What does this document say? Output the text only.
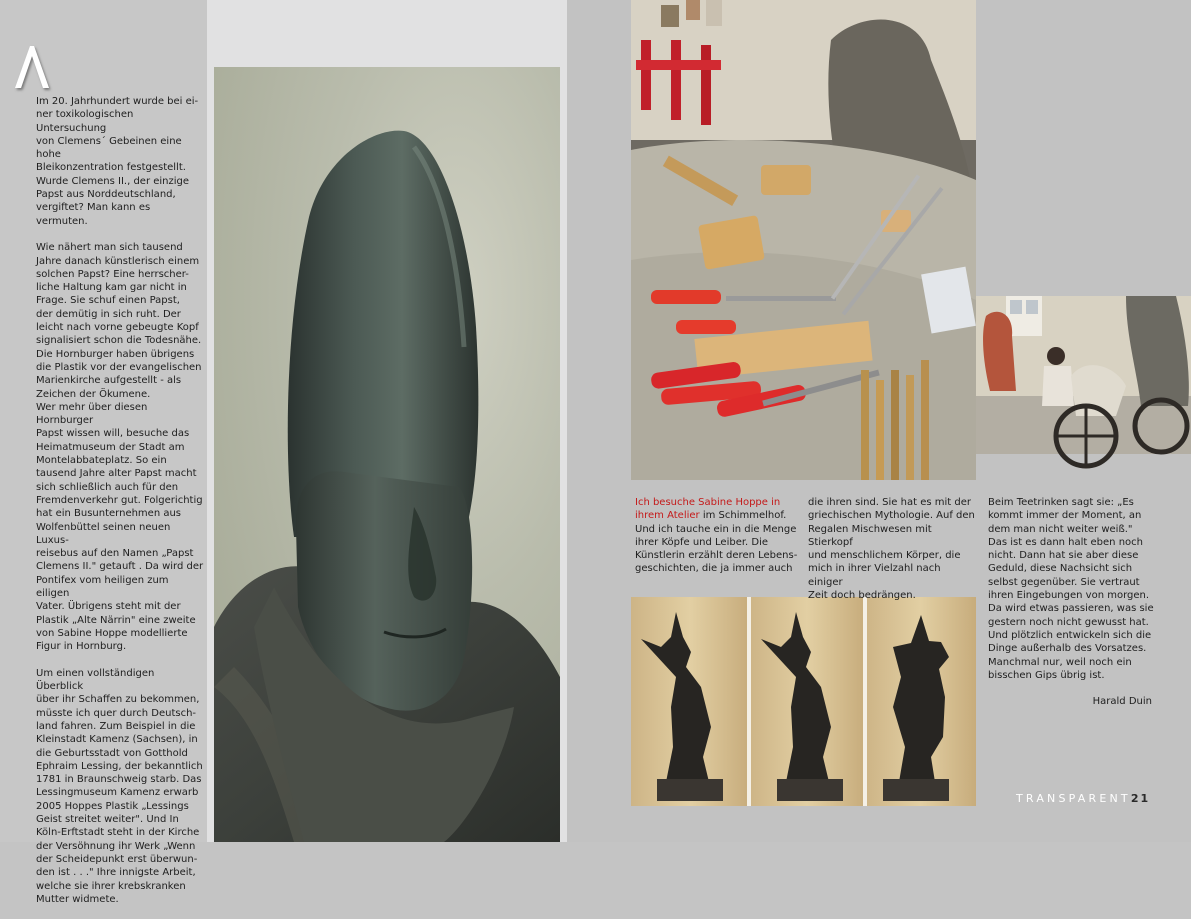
Im 20. Jahrhundert wurde bei ei-
ner toxikologischen Untersuchung
von Clemens´ Gebeinen eine hohe
Bleikonzentration festgestellt.
Wurde Clemens II., der einzige
Papst aus Norddeutschland,
vergiftet? Man kann es vermuten.

Wie nähert man sich tausend
Jahre danach künstlerisch einem
solchen Papst? Eine herrscher-
liche Haltung kam gar nicht in
Frage. Sie schuf einen Papst,
der demütig in sich ruht. Der
leicht nach vorne gebeugte Kopf
signalisiert schon die Todesnähe.
Die Hornburger haben übrigens
die Plastik vor der evangelischen
Marienkirche aufgestellt - als
Zeichen der Ökumene.

Wer mehr über diesen Hornburger
Papst wissen will, besuche das
Heimatmuseum der Stadt am
Montelabbateplatz. So ein
tausend Jahre alter Papst macht
sich schließlich auch für den
Fremdenverkehr gut. Folgerichtig
hat ein Busunternehmen aus
Wolfenbüttel seinen neuen Luxus-
reisebus auf den Namen „Papst
Clemens II." getauft . Da wird der
Pontifex vom heiligen zum eiligen
Vater. Übrigens steht mit der
Plastik „Alte Närrin" eine zweite
von Sabine Hoppe modellierte
Figur in Hornburg.

Um einen vollständigen Überblick
über ihr Schaffen zu bekommen,
müsste ich quer durch Deutsch-
land fahren. Zum Beispiel in die
Kleinstadt Kamenz (Sachsen), in
die Geburtsstadt von Gotthold
Ephraim Lessing, der bekanntlich
1781 in Braunschweig starb. Das
Lessingmuseum Kamenz erwarb
2005 Hoppes Plastik „Lessings
Geist streitet weiter". Und In
Köln-Erftstadt steht in der Kirche
der Versöhnung ihr Werk „Wenn
der Scheidepunkt erst überwun-
den ist . . ." Ihre innigste Arbeit,
welche sie ihrer krebskranken
Mutter widmete.

Ich besuche Sabine Hoppe in
ihrem Atelier im Schimmelhof.
Und ich tauche ein in die Menge
ihrer Köpfe und Leiber. Die
Künstlerin erzählt deren Lebens-
geschichten, die ja immer auch

die ihren sind. Sie hat es mit der
griechischen Mythologie. Auf den
Regalen Mischwesen mit Stierkopf
und menschlichem Körper, die
mich in ihrer Vielzahl nach einiger
Zeit doch bedrängen.

Beim Teetrinken sagt sie: „Es
kommt immer der Moment, an
dem man nicht weiter weiß."
Das ist es dann halt eben noch
nicht. Dann hat sie aber diese
Geduld, diese Nachsicht sich
selbst gegenüber. Sie vertraut
ihren Eingebungen von morgen.
Da wird etwas passieren, was sie
gestern noch nicht gewusst hat.
Und plötzlich entwickeln sich die
Dinge außerhalb des Vorsatzes.
Manchmal nur, weil noch ein
bisschen Gips übrig ist.

Harald Duin
TRANSPARENT21
